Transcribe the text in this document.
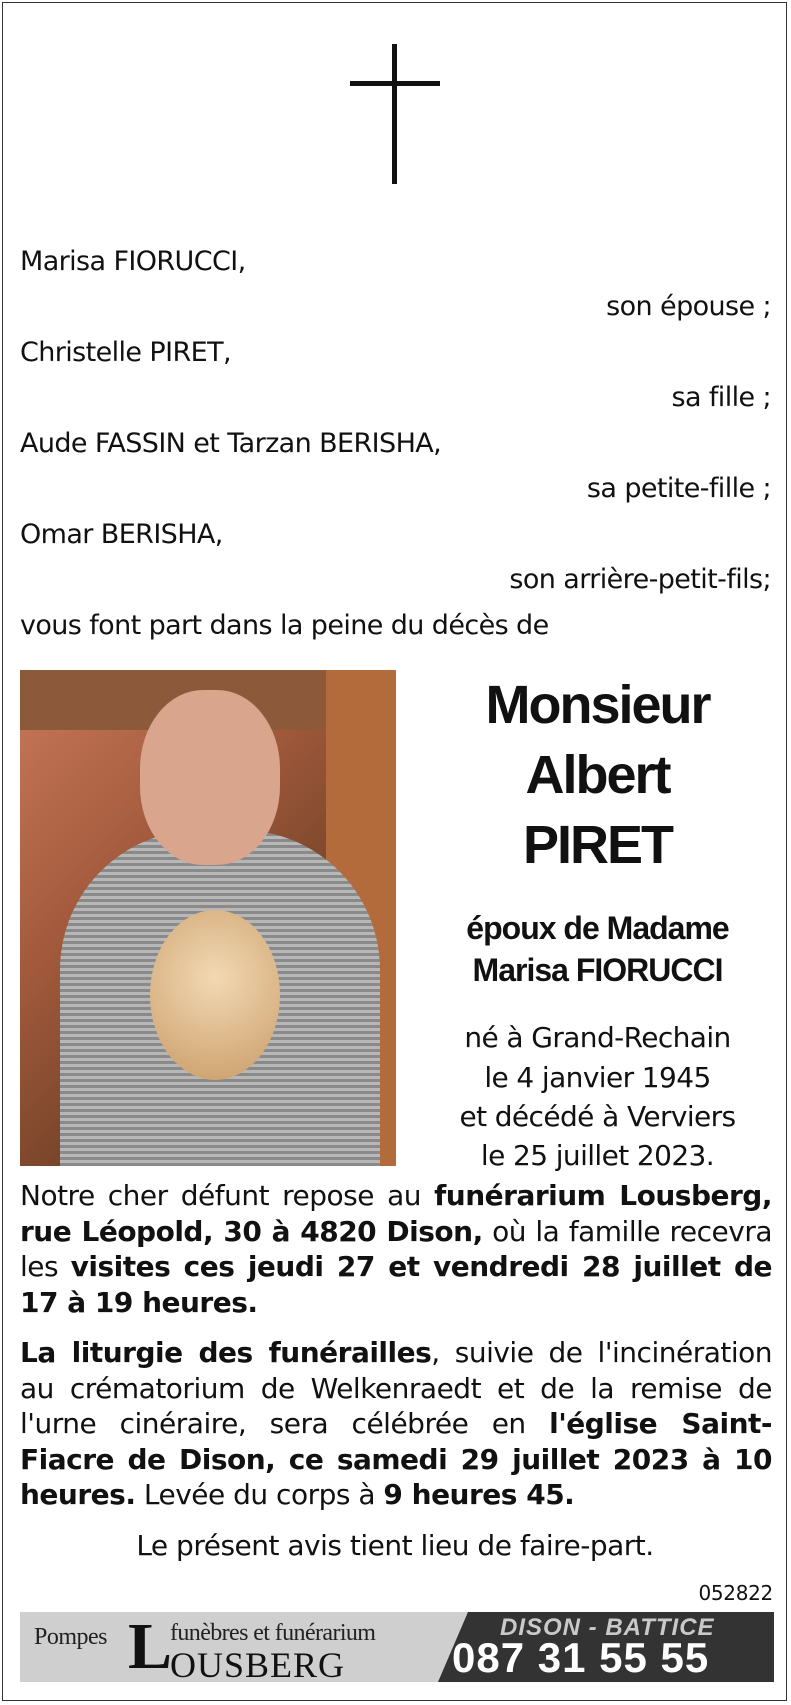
Marisa FIORUCCI,
son épouse ;
Christelle PIRET,
sa fille ;
Aude FASSIN et Tarzan BERISHA,
sa petite-fille ;
Omar BERISHA,
son arrière-petit-fils;
vous font part dans la peine du décès de
Monsieur
Albert
PIRET
époux de Madame
Marisa FIORUCCI
né à Grand-Rechain
le 4 janvier 1945
et décédé à Verviers
le 25 juillet 2023.
Notre cher défunt repose au funérarium Lousberg, rue Léopold, 30 à 4820 Dison, où la famille recevra les visites ces jeudi 27 et vendredi 28 juillet de 17 à 19 heures.
La liturgie des funérailles, suivie de l'incinération au crématorium de Welkenraedt et de la remise de l'urne cinéraire, sera célébrée en l'église Saint-Fiacre de Dison, ce samedi 29 juillet 2023 à 10 heures. Levée du corps à 9 heures 45.
Le présent avis tient lieu de faire-part.
052822
Pompes L
funèbres et funérarium
OUSBERG
DISON - BATTICE
087 31 55 55
